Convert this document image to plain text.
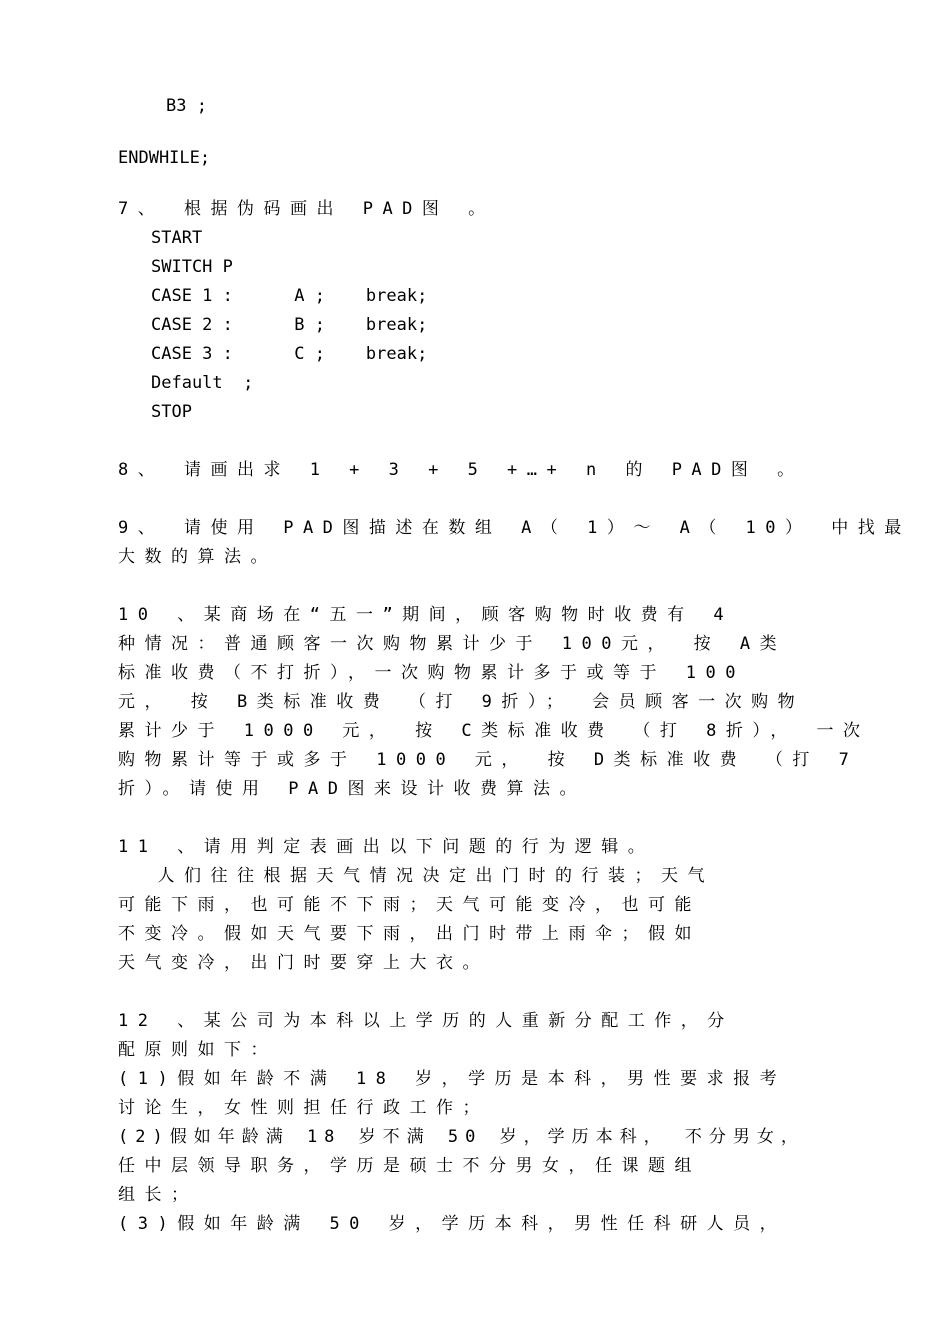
B3 ;
ENDWHILE;
7、 根据伪码画出 PAD图 。
START
SWITCH P
CASE 1 :      A ;    break;
CASE 2 :      B ;    break;
CASE 3 :      C ;    break;
Default  ;
STOP
8、 请画出求 1 + 3 + 5 +…+ n 的 PAD图 。
9、 请使用 PAD图描述在数组 A（ 1）～ A（ 10） 中找最
大数的算法。
10 、某商场在“五一”期间，顾客购物时收费有 4
种情况：普通顾客一次购物累计少于 100元， 按 A类
标准收费（不打折），一次购物累计多于或等于 100
元， 按 B类标准收费 （打 9折）； 会员顾客一次购物
累计少于 1000 元， 按 C类标准收费 （打 8折）， 一次
购物累计等于或多于 1000 元， 按 D类标准收费 （打 7
折）。请使用 PAD图来设计收费算法。
11 、请用判定表画出以下问题的行为逻辑。
人们往往根据天气情况决定出门时的行装；天气
可能下雨，也可能不下雨；天气可能变冷，也可能
不变冷。假如天气要下雨，出门时带上雨伞；假如
天气变冷，出门时要穿上大衣。
12 、某公司为本科以上学历的人重新分配工作，分
配原则如下：
(1)假如年龄不满 18 岁，学历是本科，男性要求报考
讨论生，女性则担任行政工作；
(2)假如年龄满 18 岁不满 50 岁，学历本科， 不分男女，
任中层领导职务，学历是硕士不分男女，任课题组
组长；
(3)假如年龄满 50 岁，学历本科，男性任科研人员，
